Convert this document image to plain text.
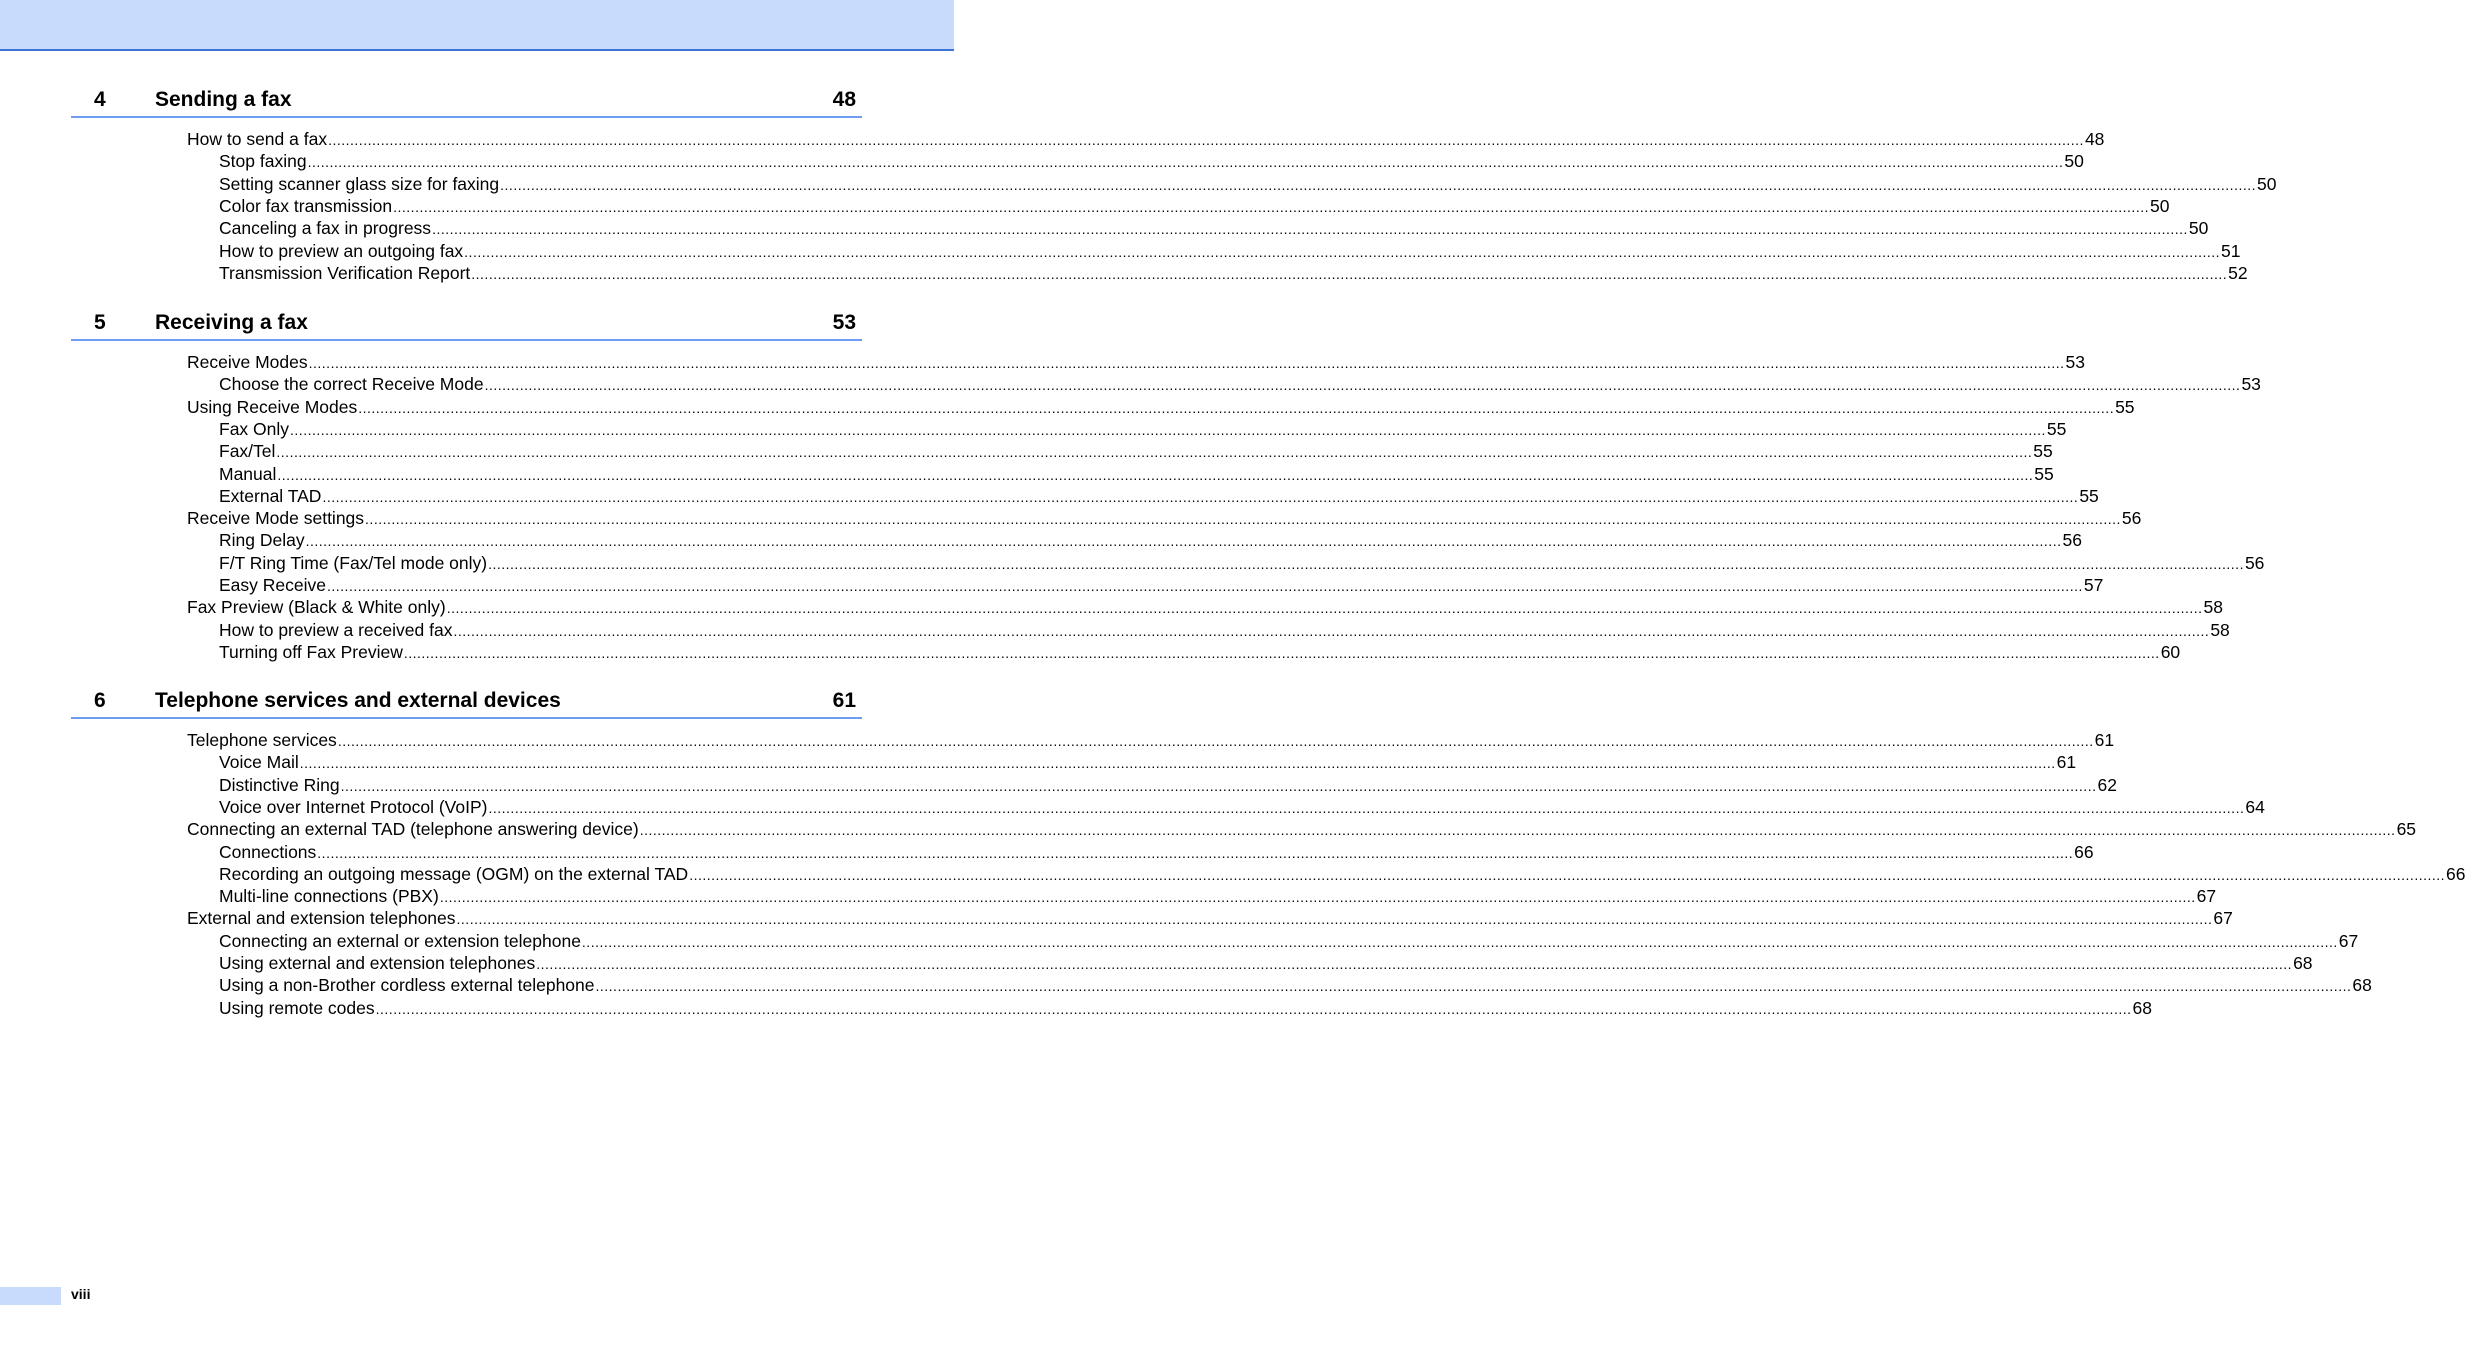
4 Sending a fax	48
How to send a fax ................................................................................................................................................................................................................................................................................................................................................................................................................ 48
Stop faxing ................................................................................................................................................................................................................................................................................................................................................................................................................ 50
Setting scanner glass size for faxing ................................................................................................................................................................................................................................................................................................................................................................................................................ 50
Color fax transmission ................................................................................................................................................................................................................................................................................................................................................................................................................ 50
Canceling a fax in progress ................................................................................................................................................................................................................................................................................................................................................................................................................ 50
How to preview an outgoing fax ................................................................................................................................................................................................................................................................................................................................................................................................................ 51
Transmission Verification Report ................................................................................................................................................................................................................................................................................................................................................................................................................ 52
5 Receiving a fax	53
Receive Modes ................................................................................................................................................................................................................................................................................................................................................................................................................ 53
Choose the correct Receive Mode ................................................................................................................................................................................................................................................................................................................................................................................................................ 53
Using Receive Modes ................................................................................................................................................................................................................................................................................................................................................................................................................ 55
Fax Only ................................................................................................................................................................................................................................................................................................................................................................................................................ 55
Fax/Tel ................................................................................................................................................................................................................................................................................................................................................................................................................ 55
Manual ................................................................................................................................................................................................................................................................................................................................................................................................................ 55
External TAD ................................................................................................................................................................................................................................................................................................................................................................................................................ 55
Receive Mode settings ................................................................................................................................................................................................................................................................................................................................................................................................................ 56
Ring Delay ................................................................................................................................................................................................................................................................................................................................................................................................................ 56
F/T Ring Time (Fax/Tel mode only) ................................................................................................................................................................................................................................................................................................................................................................................................................ 56
Easy Receive ................................................................................................................................................................................................................................................................................................................................................................................................................ 57
Fax Preview (Black & White only) ................................................................................................................................................................................................................................................................................................................................................................................................................ 58
How to preview a received fax ................................................................................................................................................................................................................................................................................................................................................................................................................ 58
Turning off Fax Preview ................................................................................................................................................................................................................................................................................................................................................................................................................ 60
6 Telephone services and external devices	61
Telephone services ................................................................................................................................................................................................................................................................................................................................................................................................................ 61
Voice Mail ................................................................................................................................................................................................................................................................................................................................................................................................................ 61
Distinctive Ring ................................................................................................................................................................................................................................................................................................................................................................................................................ 62
Voice over Internet Protocol (VoIP) ................................................................................................................................................................................................................................................................................................................................................................................................................ 64
Connecting an external TAD (telephone answering device) ................................................................................................................................................................................................................................................................................................................................................................................................................ 65
Connections ................................................................................................................................................................................................................................................................................................................................................................................................................ 66
Recording an outgoing message (OGM) on the external TAD ................................................................................................................................................................................................................................................................................................................................................................................................................ 66
Multi-line connections (PBX) ................................................................................................................................................................................................................................................................................................................................................................................................................ 67
External and extension telephones ................................................................................................................................................................................................................................................................................................................................................................................................................ 67
Connecting an external or extension telephone ................................................................................................................................................................................................................................................................................................................................................................................................................ 67
Using external and extension telephones ................................................................................................................................................................................................................................................................................................................................................................................................................ 68
Using a non-Brother cordless external telephone ................................................................................................................................................................................................................................................................................................................................................................................................................ 68
Using remote codes ................................................................................................................................................................................................................................................................................................................................................................................................................ 68
viii
